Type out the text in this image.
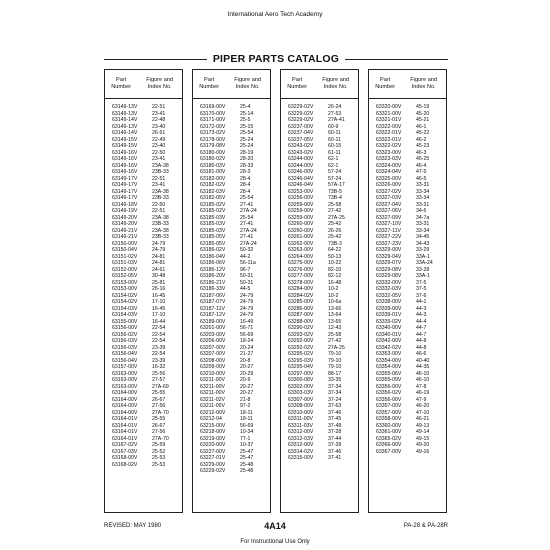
International Aero Tech Academy
PIPER PARTS CATALOG
Part
Number
Figure and
Index No.
63149-13V	22-51
63149-13V	23-41
63149-14V	22-48
63149-13V	23-40
63149-14V	26-51
63149-15V	22-49
63149-15V	23-40
63149-16V	22-50
63149-16V	23-41
63149-16V	23A-38
63149-16V	23B-33
63149-17V	22-51
63149-17V	23-41
63149-17V	23A-38
63149-17V	23B-33
63149-18V	22-50
63149-19V	22-51
63149-20V	23A-38
63149-20V	23B-33
63149-21V	23A-38
63149-21V	23B-33
63150-00V	24-79
63150-04V	24-79
63151-02V	24-81
63151-03V	24-81
63152-00V	24-61
63152-05V	30-48
63153-00V	25-81
63153-00V	26-16
63154-02V	16-45
63154-02V	17-10
63154-03V	16-45
63154-03V	17-10
63155-00V	16-44
63156-00V	22-54
63156-02V	22-54
63156-03V	22-54
63156-03V	23-39
63156-04V	22-54
63156-04V	23-39
63157-00V	16-32
63163-00V	25-56
63163-00V	27-57
63163-00V	27A-69
63164-00V	25-55
63164-00V	26-67
63164-00V	27-56
63164-00V	27A-70
63164-01V	25-55
63164-01V	26-67
63164-01V	27-56
63164-01V	27A-70
63167-02V	25-59
63167-03V	25-52
63168-00V	25-53
63168-02V	25-53
Part
Number
Figure and
Index No.
63169-00V	25-4
63170-00V	25-14
63171-00V	25-5
63172-00V	25-15
63173-02V	25-54
63178-00V	25-24
63179-08V	25-24
63180-00V	28-19
63180-02V	28-20
63180-03V	28-33
63181-00V	28-3
63182-00V	28-4
63182-02V	28-4
63182-03V	28-4
63182-05V	25-54
63185-02V	27-41
63185-02V	27A-24
63185-03V	25-54
63185-03V	27-41
63185-03V	27A-24
63185-05V	27-41
63185-05V	27A-24
63186-02V	50-32
63186-04V	44-2
63186-06V	56-11a
63186-12V	96-7
63186-20V	50-31
63186-21V	50-31
63186-33V	44-5
63187-06V	24-79
63187-07V	24-79
63187-11V	24-79
63187-12V	24-79
63189-00V	16-49
63201-00V	56-71
63203-00V	56-69
63206-00V	18-24
63207-00V	20-24
63207-00V	21-27
63208-00V	20-8
63209-00V	20-27
63210-00V	20-29
63211-00V	20-9
63211-00V	20-27
63211-00V	20-27
63211-02V	21-8
63211-00V	97-2
63212-00V	18-11
63212-04	18-11
63215-00V	56-69
63218-00V	10-34
63219-00V	77-1
63220-00V	10-37
63227-00V	25-47
63227-01V	25-47
63229-00V	25-48
63229-02V	25-48
Part
Number
Figure and
Index No.
63229-02V	26-24
63229-02V	27-53
63229-02V	27A-41
63237-00V	60-9
63237-04V	60-11
63237-05V	60-11
63243-02V	60-15
63243-02V	61-11
63244-00V	62-1
63244-00V	62-1
63246-00V	57-24
63246-04V	57-24
63246-04V	57A-17
63253-00V	73B-5
63256-00V	73B-4
63259-00V	25-58
63259-00V	27-42
63259-00V	27A-25
63260-00V	25-42
63260-00V	26-26
63261-00V	25-42
63262-00V	73B-3
63263-00V	64-22
63264-00V	50-13
63275-00V	10-22
63276-00V	82-10
63277-00V	82-12
63278-00V	16-48
63284-00V	10-2
63284-02V	10-2
63285-00V	10-6a
63286-00V	13-66
63287-00V	13-64
63288-00V	13-65
63290-02V	12-43
63293-02V	25-58
63292-00V	27-42
63292-02V	27A-25
63295-02V	79-10
63295-03V	79-10
63295-04V	79-10
63297-00V	88-17
63300-08V	33-35
63302-00V	37-34
63303-03V	37-34
63307-00V	37-24
63308-00V	37-63
63310-00V	37-46
63311-00V	37-45
63311-03V	37-48
63312-00V	37-28
63312-03V	37-44
63312-00V	37-28
63314-02V	37-46
63315-00V	37-41
Part
Number
Figure and
Index No.
63320-00V	45-19
63321-00V	45-20
63321-01V	45-21
63322-00V	46-1
63322-01V	45-22
63322-01V	46-2
63322-02V	45-23
63323-00V	46-3
63323-03V	45-25
63324-00V	46-4
63324-04V	47-5
63325-00V	46-5
63326-00V	33-31
63327-02V	33-34
63327-03V	33-34
63327-04V	33-31
63327-06V	34-6
63327-09V	34-7a
63327-10V	33-31
63327-11V	33-34
63327-22V	34-45
63327-23V	34-43
63329-00V	33-29
63329-04V	33A-1
63329-07V	33A-24
63329-08V	33-28
63329-08V	33A-1
63332-00V	37-5
63332-03V	37-5
63332-05V	37-6
63338-00V	44-1
63339-00V	44-3
63339-01V	44-3
63339-02V	44-4
63340-00V	44-7
63340-01V	44-7
63342-00V	44-8
63342-02V	44-8
63353-00V	46-6
63354-00V	40-40
63354-00V	44-35
63355-06V	46-10
63355-09V	46-10
63356-00V	47-8
63356-02V	46-19
63356-00V	47-9
63357-00V	46-20
63357-00V	47-10
63358-00V	46-21
63360-00V	49-13
63361-00V	49-14
63365-02V	49-15
63366-00V	49-20
63367-00V	49-16
REVISED: MAY 1980	4A14	PA-28 & PA-28R
For Instructional Use Only
